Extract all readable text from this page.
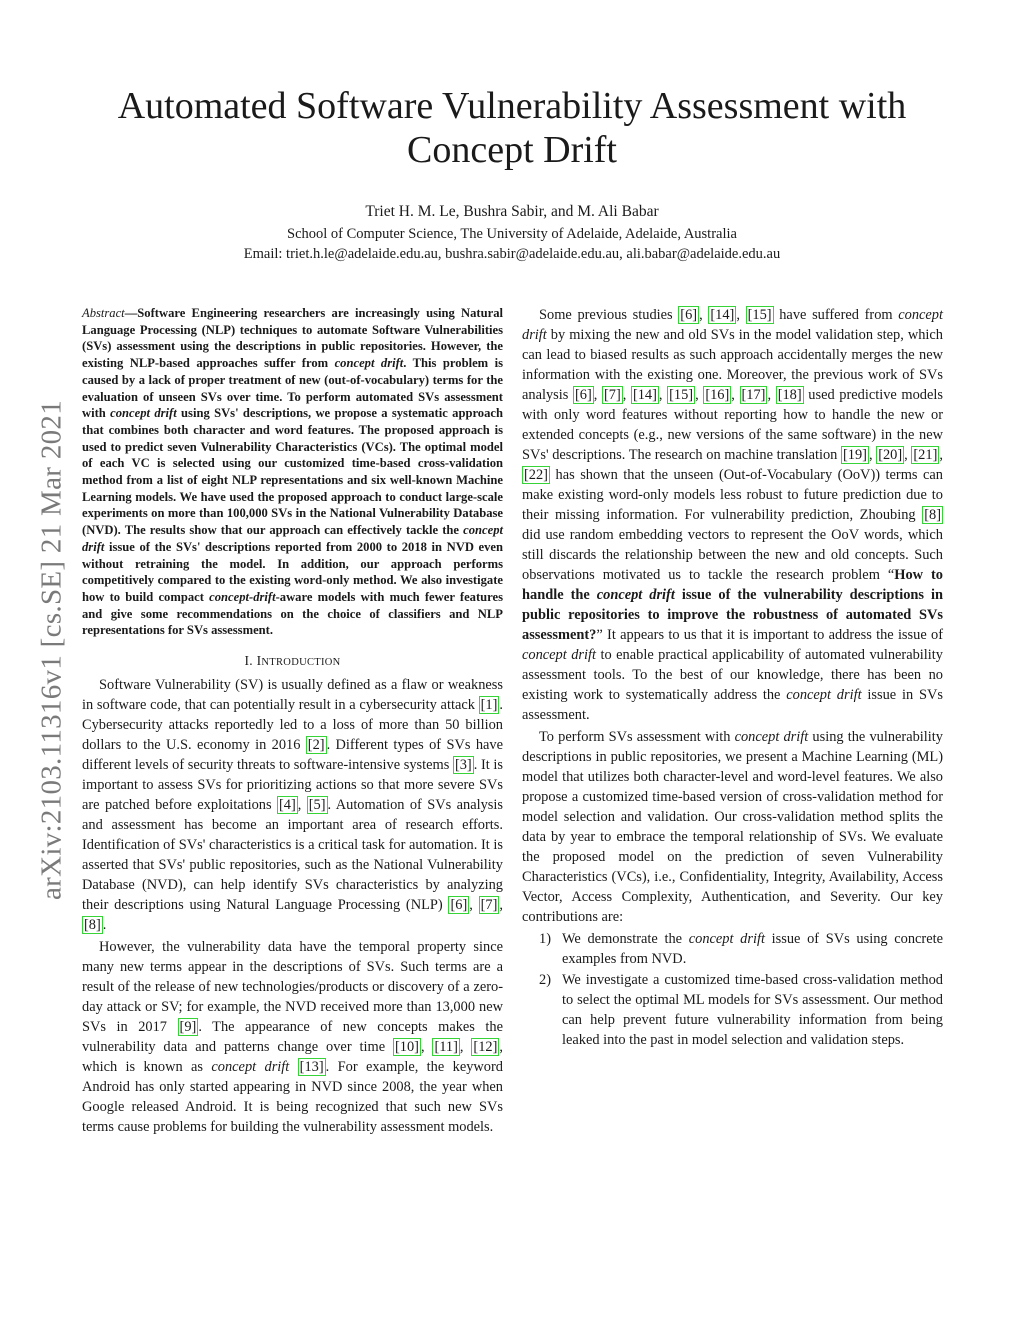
arXiv:2103.11316v1 [cs.SE] 21 Mar 2021
Automated Software Vulnerability Assessment with
Concept Drift
Triet H. M. Le, Bushra Sabir, and M. Ali Babar
School of Computer Science, The University of Adelaide, Adelaide, Australia
Email: triet.h.le@adelaide.edu.au, bushra.sabir@adelaide.edu.au, ali.babar@adelaide.edu.au

Abstract—Software Engineering researchers are increasingly using Natural Language Processing (NLP) techniques to automate Software Vulnerabilities (SVs) assessment using the descriptions in public repositories. However, the existing NLP-based approaches suffer from concept drift. This problem is caused by a lack of proper treatment of new (out-of-vocabulary) terms for the evaluation of unseen SVs over time. To perform automated SVs assessment with concept drift using SVs' descriptions, we propose a systematic approach that combines both character and word features. The proposed approach is used to predict seven Vulnerability Characteristics (VCs). The optimal model of each VC is selected using our customized time-based cross-validation method from a list of eight NLP representations and six well-known Machine Learning models. We have used the proposed approach to conduct large-scale experiments on more than 100,000 SVs in the National Vulnerability Database (NVD). The results show that our approach can effectively tackle the concept drift issue of the SVs' descriptions reported from 2000 to 2018 in NVD even without retraining the model. In addition, our approach performs competitively compared to the existing word-only method. We also investigate how to build compact concept-drift-aware models with much fewer features and give some recommendations on the choice of classifiers and NLP representations for SVs assessment.

I. INTRODUCTION

Software Vulnerability (SV) is usually defined as a flaw or weakness in software code, that can potentially result in a cybersecurity attack [1] . Cybersecurity attacks reportedly led to a loss of more than 50 billion dollars to the U.S. economy in 2016 [2] . Different types of SVs have different levels of security threats to software-intensive systems [3] . It is important to assess SVs for prioritizing actions so that more severe SVs are patched before exploitations [4] , [5] . Automation of SVs analysis and assessment has become an important area of research efforts. Identification of SVs' characteristics is a critical task for automation. It is asserted that SVs' public repositories, such as the National Vulnerability Database (NVD), can help identify SVs characteristics by analyzing their descriptions using Natural Language Processing (NLP) [6] , [7] , [8] .

However, the vulnerability data have the temporal property since many new terms appear in the descriptions of SVs. Such terms are a result of the release of new technologies/products or discovery of a zero-day attack or SV; for example, the NVD received more than 13,000 new SVs in 2017 [9] . The appearance of new concepts makes the vulnerability data and patterns change over time [10] , [11] , [12] , which is known as concept drift [13] . For example, the keyword Android has only started appearing in NVD since 2008, the year when Google released Android. It is being recognized that such new SVs terms cause problems for building the vulnerability assessment models.

Some previous studies [6] , [14] , [15] have suffered from concept drift by mixing the new and old SVs in the model validation step, which can lead to biased results as such approach accidentally merges the new information with the existing one. Moreover, the previous work of SVs analysis [6] , [7] , [14] , [15] , [16] , [17] , [18] used predictive models with only word features without reporting how to handle the new or extended concepts (e.g., new versions of the same software) in the new SVs' descriptions. The research on machine translation [19] , [20] , [21] , [22] has shown that the unseen (Out-of-Vocabulary (OoV)) terms can make existing word-only models less robust to future prediction due to their missing information. For vulnerability prediction, Zhoubing [8] did use random embedding vectors to represent the OoV words, which still discards the relationship between the new and old concepts. Such observations motivated us to tackle the research problem “How to handle the concept drift issue of the vulnerability descriptions in public repositories to improve the robustness of automated SVs assessment?” It appears to us that it is important to address the issue of concept drift to enable practical applicability of automated vulnerability assessment tools. To the best of our knowledge, there has been no existing work to systematically address the concept drift issue in SVs assessment.

To perform SVs assessment with concept drift using the vulnerability descriptions in public repositories, we present a Machine Learning (ML) model that utilizes both character-level and word-level features. We also propose a customized time-based version of cross-validation method for model selection and validation. Our cross-validation method splits the data by year to embrace the temporal relationship of SVs. We evaluate the proposed model on the prediction of seven Vulnerability Characteristics (VCs), i.e., Confidentiality, Integrity, Availability, Access Vector, Access Complexity, Authentication, and Severity. Our key contributions are:

1) We demonstrate the concept drift issue of SVs using concrete examples from NVD.
2) We investigate a customized time-based cross-validation method to select the optimal ML models for SVs assessment. Our method can help prevent future vulnerability information from being leaked into the past in model selection and validation steps.
